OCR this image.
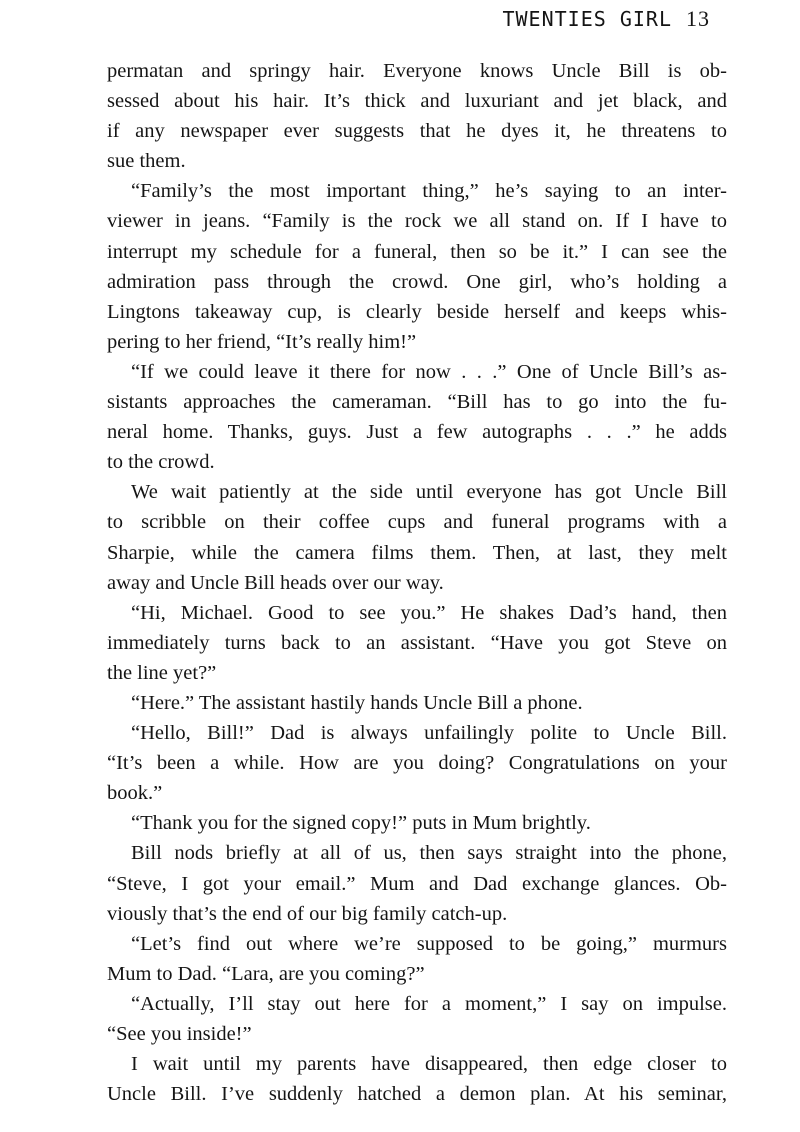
TWENTIES GIRL 13
permatan and springy hair. Everyone knows Uncle Bill is ob-
sessed about his hair. It’s thick and luxuriant and jet black, and
if any newspaper ever suggests that he dyes it, he threatens to
sue them.
“Family’s the most important thing,” he’s saying to an inter-
viewer in jeans. “Family is the rock we all stand on. If I have to
interrupt my schedule for a funeral, then so be it.” I can see the
admiration pass through the crowd. One girl, who’s holding a
Lingtons takeaway cup, is clearly beside herself and keeps whis-
pering to her friend, “It’s really him!”
“If we could leave it there for now . . .” One of Uncle Bill’s as-
sistants approaches the cameraman. “Bill has to go into the fu-
neral home. Thanks, guys. Just a few autographs . . .” he adds
to the crowd.
We wait patiently at the side until everyone has got Uncle Bill
to scribble on their coffee cups and funeral programs with a
Sharpie, while the camera films them. Then, at last, they melt
away and Uncle Bill heads over our way.
“Hi, Michael. Good to see you.” He shakes Dad’s hand, then
immediately turns back to an assistant. “Have you got Steve on
the line yet?”
“Here.” The assistant hastily hands Uncle Bill a phone.
“Hello, Bill!” Dad is always unfailingly polite to Uncle Bill.
“It’s been a while. How are you doing? Congratulations on your
book.”
“Thank you for the signed copy!” puts in Mum brightly.
Bill nods briefly at all of us, then says straight into the phone,
“Steve, I got your email.” Mum and Dad exchange glances. Ob-
viously that’s the end of our big family catch-up.
“Let’s find out where we’re supposed to be going,” murmurs
Mum to Dad. “Lara, are you coming?”
“Actually, I’ll stay out here for a moment,” I say on impulse.
“See you inside!”
I wait until my parents have disappeared, then edge closer to
Uncle Bill. I’ve suddenly hatched a demon plan. At his seminar,
